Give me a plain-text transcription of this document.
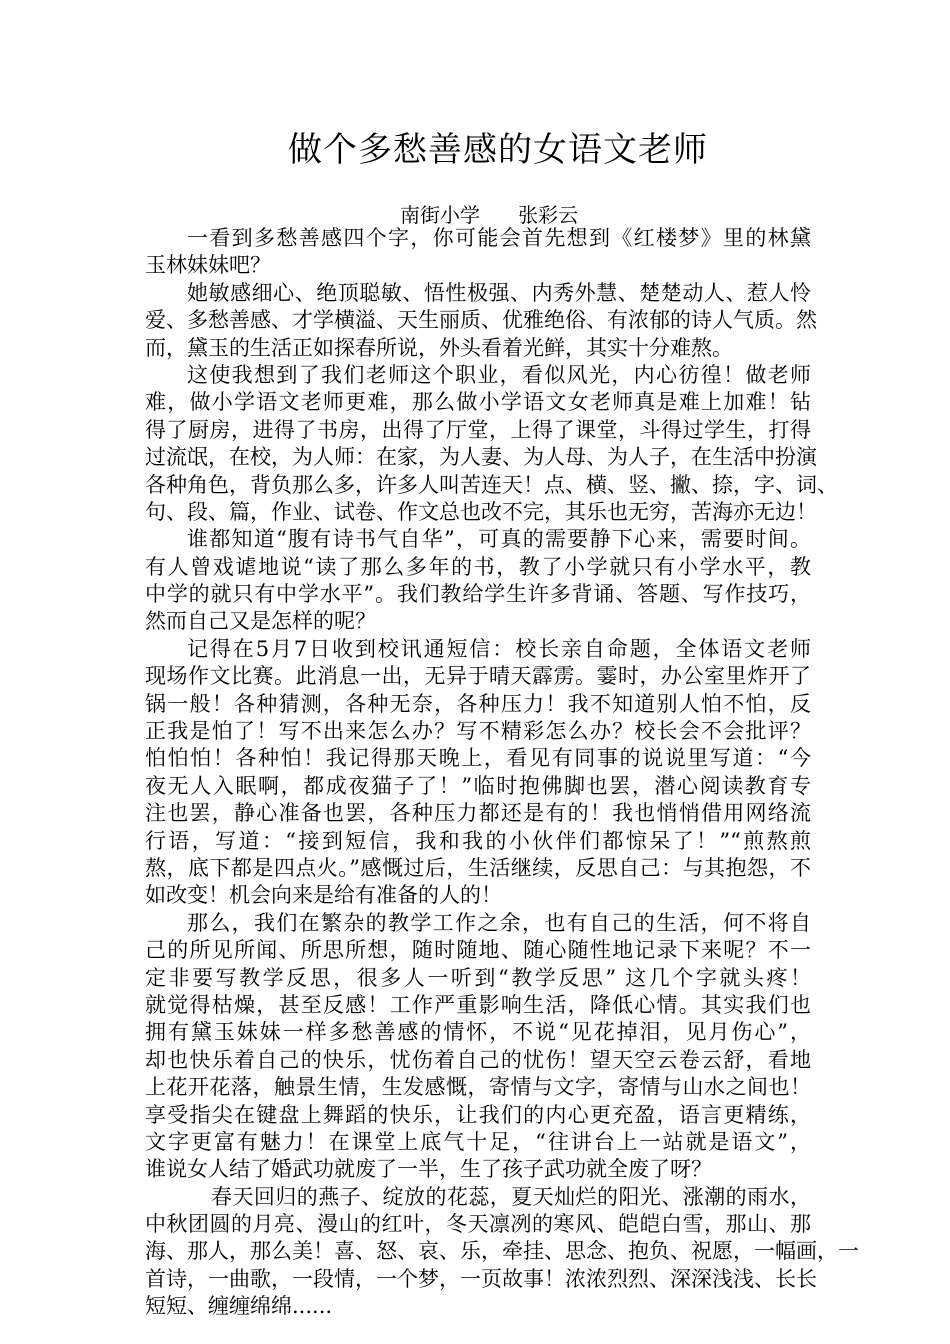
做个多愁善感的女语文老师
南街小学      张彩云
一看到多愁善感四个字，你可能会首先想到《红楼梦》里的林黛
玉林妹妹吧？
她敏感细心、绝顶聪敏、悟性极强、内秀外慧、楚楚动人、惹人怜
爱、多愁善感、才学横溢、天生丽质、优雅绝俗、有浓郁的诗人气质。然
而，黛玉的生活正如探春所说，外头看着光鲜，其实十分难熬。
这使我想到了我们老师这个职业，看似风光，内心彷徨！做老师
难，做小学语文老师更难，那么做小学语文女老师真是难上加难！钻
得了厨房，进得了书房，出得了厅堂，上得了课堂，斗得过学生，打得
过流氓，在校，为人师：在家，为人妻、为人母、为人子，在生活中扮演
各种角色，背负那么多，许多人叫苦连天！点、横、竖、撇、捺，字、词、
句、段、篇，作业、试卷、作文总也改不完，其乐也无穷，苦海亦无边！
谁都知道“腹有诗书气自华”，可真的需要静下心来，需要时间。
有人曾戏谑地说“读了那么多年的书，教了小学就只有小学水平，教
中学的就只有中学水平”。我们教给学生许多背诵、答题、写作技巧，
然而自己又是怎样的呢？
记得在5月7日收到校讯通短信：校长亲自命题，全体语文老师
现场作文比赛。此消息一出，无异于晴天霹雳。霎时，办公室里炸开了
锅一般！各种猜测，各种无奈，各种压力！我不知道别人怕不怕，反
正我是怕了！写不出来怎么办？写不精彩怎么办？校长会不会批评？
怕怕怕！各种怕！我记得那天晚上，看见有同事的说说里写道：“今
夜无人入眠啊，都成夜猫子了！”临时抱佛脚也罢，潜心阅读教育专
注也罢，静心准备也罢，各种压力都还是有的！我也悄悄借用网络流
行语，写道：“接到短信，我和我的小伙伴们都惊呆了！”“煎熬煎
熬，底下都是四点火。”感慨过后，生活继续，反思自己：与其抱怨，不
如改变！机会向来是给有准备的人的！
那么，我们在繁杂的教学工作之余，也有自己的生活，何不将自
己的所见所闻、所思所想，随时随地、随心随性地记录下来呢？不一
定非要写教学反思，很多人一听到“教学反思” 这几个字就头疼！
就觉得枯燥，甚至反感！工作严重影响生活，降低心情。其实我们也
拥有黛玉妹妹一样多愁善感的情怀，不说“见花掉泪，见月伤心”，
却也快乐着自己的快乐，忧伤着自己的忧伤！望天空云卷云舒，看地
上花开花落，触景生情，生发感慨，寄情与文字，寄情与山水之间也！
享受指尖在键盘上舞蹈的快乐，让我们的内心更充盈，语言更精练，
文字更富有魅力！在课堂上底气十足，“往讲台上一站就是语文”，
谁说女人结了婚武功就废了一半，生了孩子武功就全废了呀？
春天回归的燕子、绽放的花蕊，夏天灿烂的阳光、涨潮的雨水，
中秋团圆的月亮、漫山的红叶，冬天凛冽的寒风、皑皑白雪，那山、那
海、那人，那么美！喜、怒、哀、乐，牵挂、思念、抱负、祝愿，一幅画，一
首诗，一曲歌，一段情，一个梦，一页故事！浓浓烈烈、深深浅浅、长长
短短、缠缠绵绵......
